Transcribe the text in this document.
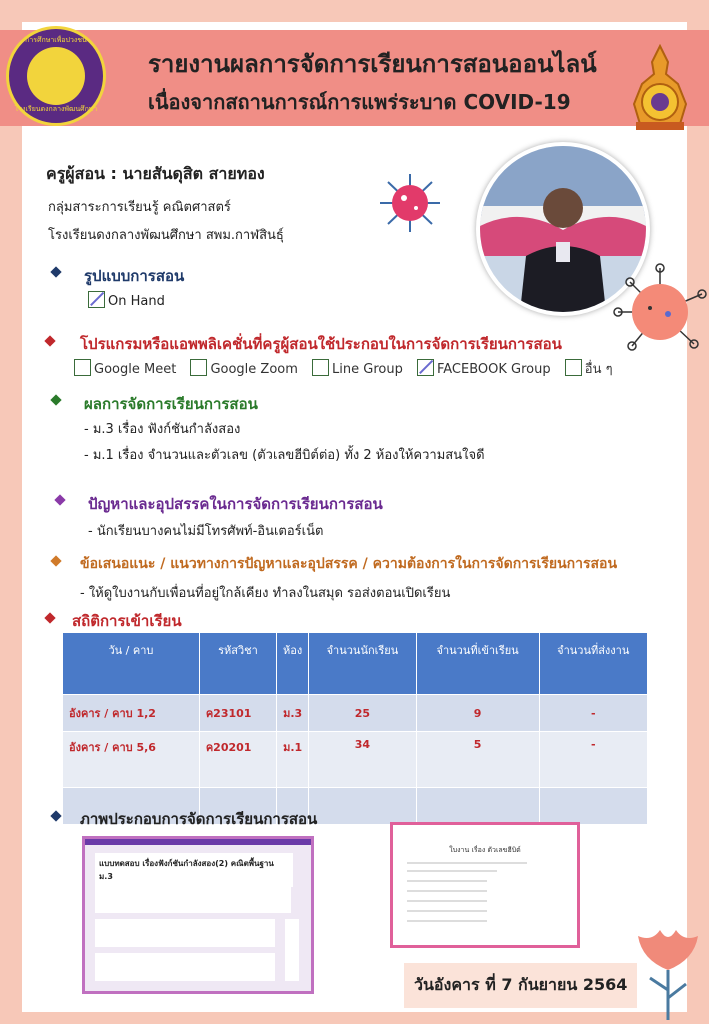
รายงานผลการจัดการเรียนการสอนออนไลน์
เนื่องจากสถานการณ์การแพร่ระบาด COVID-19
การศึกษาเพื่อปวงชน
โรงเรียนดงกลางพัฒนศึกษา
ครูผู้สอน : นายสันดุสิต สายทอง
กลุ่มสาระการเรียนรู้ คณิตศาสตร์
โรงเรียนดงกลางพัฒนศึกษา สพม.กาฬสินธุ์
รูปแบบการสอน
On Hand
โปรแกรมหรือแอพพลิเคชั่นที่ครูผู้สอนใช้ประกอบในการจัดการเรียนการสอน
Google Meet	Google Zoom	Line Group	FACEBOOK Group	อื่น ๆ
ผลการจัดการเรียนการสอน
- ม.3 เรื่อง ฟังก์ชันกำลังสอง
- ม.1 เรื่อง จำนวนและตัวเลข (ตัวเลขฮีบิต์ต่อ) ทั้ง 2 ห้องให้ความสนใจดี
ปัญหาและอุปสรรคในการจัดการเรียนการสอน
- นักเรียนบางคนไม่มีโทรศัพท์-อินเตอร์เน็ต
ข้อเสนอแนะ / แนวทางการปัญหาและอุปสรรค / ความต้องการในการจัดการเรียนการสอน
- ให้ดูใบงานกับเพื่อนที่อยู่ใกล้เคียง ทำลงในสมุด รอส่งตอนเปิดเรียน
สถิติการเข้าเรียน
วัน / คาบ	รหัสวิชา	ห้อง	จำนวนนักเรียน	จำนวนที่เข้าเรียน	จำนวนที่ส่งงาน
อังคาร / คาบ 1,2	ค23101	ม.3	25	9	-
อังคาร / คาบ 5,6	ค20201	ม.1	34	5	-

ภาพประกอบการจัดการเรียนการสอน
แบบทดสอบ เรื่องฟังก์ชันกำลังสอง(2) คณิตพื้นฐาน ม.3
ใบงาน เรื่อง ตัวเลขฮีบิต์
วันอังคาร ที่ 7 กันยายน 2564
